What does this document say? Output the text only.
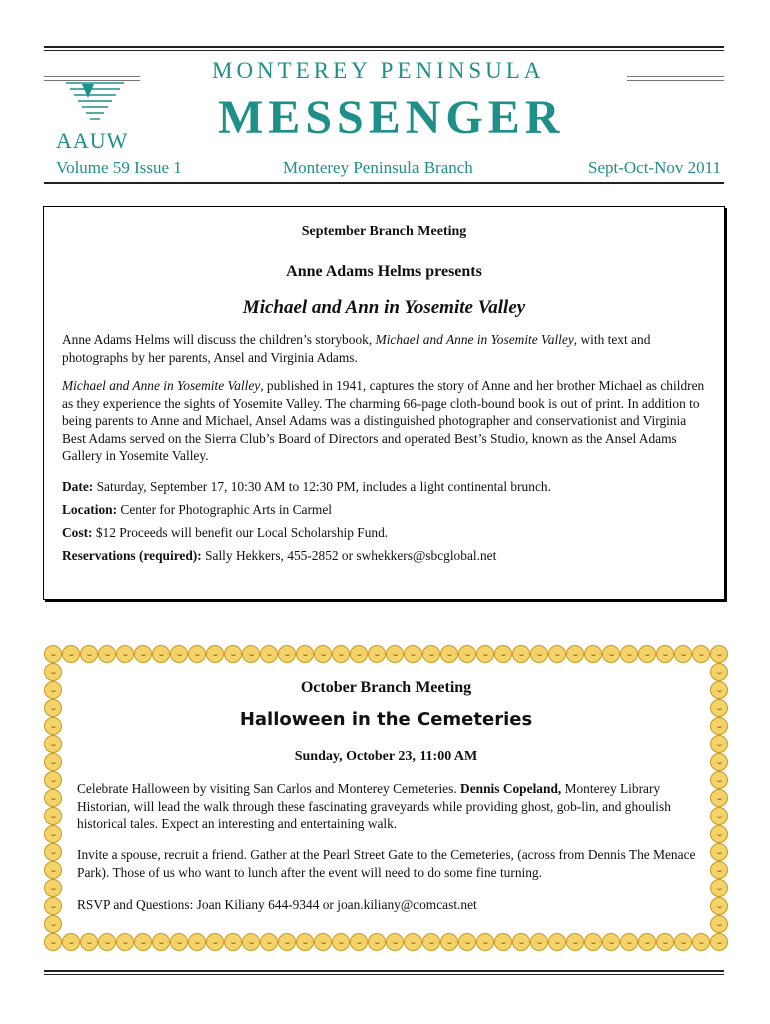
AAUW
MONTEREY PENINSULA
MESSENGER
Volume 59 Issue 1	Monterey Peninsula Branch	Sept-Oct-Nov 2011
September Branch Meeting
Anne Adams Helms presents
Michael and Ann in Yosemite Valley
Anne Adams Helms will discuss the children’s storybook, Michael and Anne in Yosemite Valley, with text and photographs by her parents, Ansel and Virginia Adams.
Michael and Anne in Yosemite Valley, published in 1941, captures the story of Anne and her brother Michael as children as they experience the sights of Yosemite Valley. The charming 66-page cloth-bound book is out of print. In addition to being parents to Anne and Michael, Ansel Adams was a distinguished photographer and conservationist and Virginia Best Adams served on the Sierra Club’s Board of Directors and operated Best’s Studio, known as the Ansel Adams Gallery in Yosemite Valley.
Date: Saturday, September 17, 10:30 AM to 12:30 PM, includes a light continental brunch.
Location: Center for Photographic Arts in Carmel
Cost: $12 Proceeds will benefit our Local Scholarship Fund.
Reservations (required): Sally Hekkers, 455-2852 or swhekkers@sbcglobal.net
October Branch Meeting
Halloween in the Cemeteries
Sunday, October 23, 11:00 AM
Celebrate Halloween by visiting San Carlos and Monterey Cemeteries. Dennis Copeland, Monterey Library Historian, will lead the walk through these fascinating graveyards while providing ghost, gob-lin, and ghoulish historical tales. Expect an interesting and entertaining walk.
Invite a spouse, recruit a friend. Gather at the Pearl Street Gate to the Cemeteries, (across from Dennis The Menace Park). Those of us who want to lunch after the event will need to do some fine turning.
RSVP and Questions: Joan Kiliany 644-9344 or joan.kiliany@comcast.net
